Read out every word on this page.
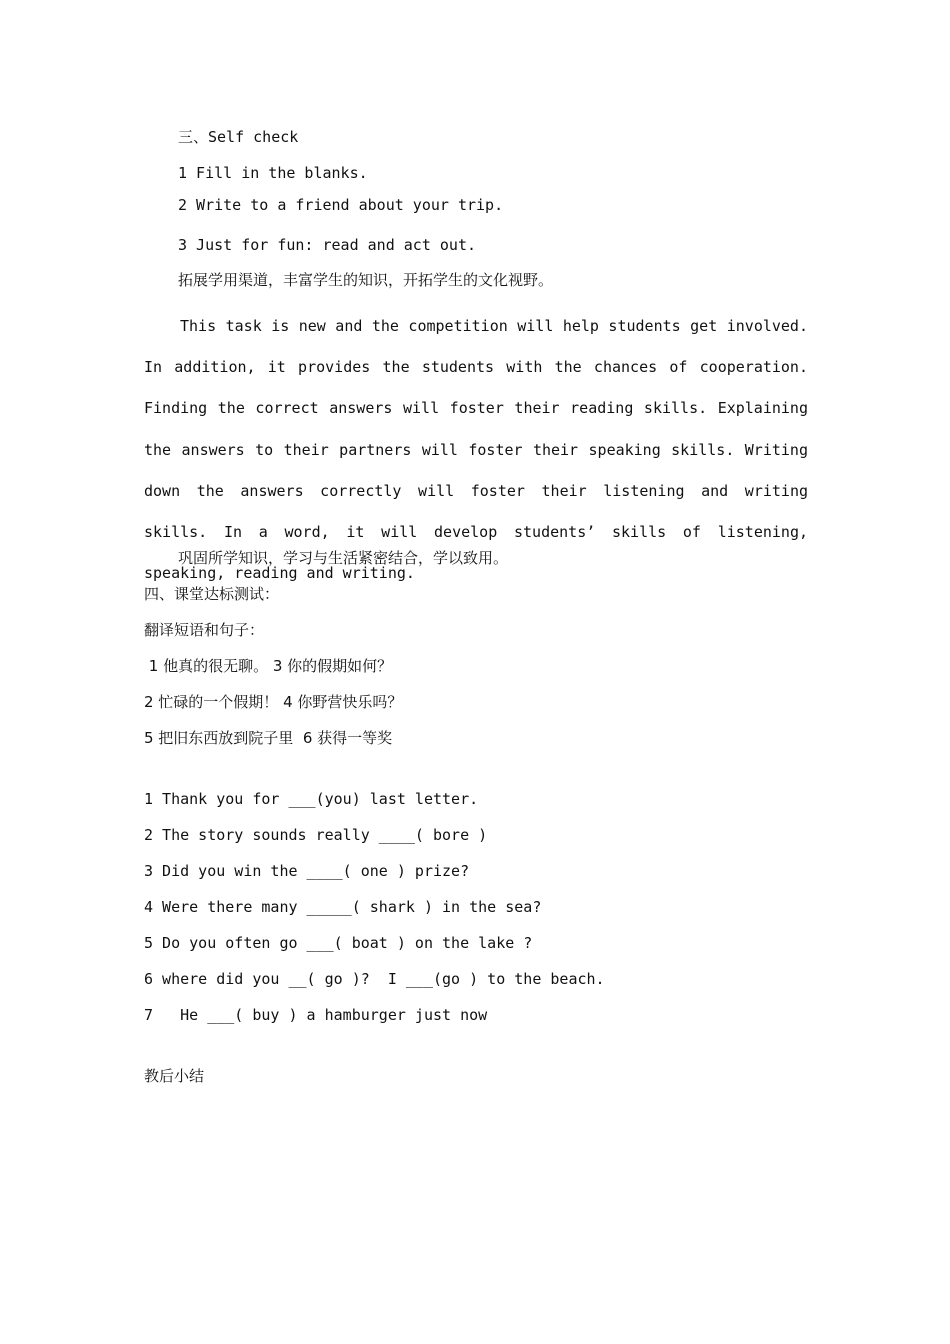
三、Self check
1 Fill in the blanks.
2 Write to a friend about your trip.
3 Just for fun: read and act out.
拓展学用渠道，丰富学生的知识，开拓学生的文化视野。
This task is new and the competition will help students get involved. In addition, it provides the students with the chances of cooperation. Finding the correct answers will foster their reading skills. Explaining the answers to their partners will foster their speaking skills. Writing down the answers correctly will foster their listening and writing skills. In a word, it will develop students’ skills of listening, speaking, reading and writing.
巩固所学知识，学习与生活紧密结合，学以致用。
四、课堂达标测试：
翻译短语和句子：
1 他真的很无聊。 3 你的假期如何？
2 忙碌的一个假期！ 4 你野营快乐吗？
5 把旧东西放到院子里  6 获得一等奖
1 Thank you for ___(you) last letter.
2 The story sounds really ____( bore )
3 Did you win the ____( one ) prize?
4 Were there many _____( shark ) in the sea?
5 Do you often go ___( boat ) on the lake ?
6 where did you __( go )?  I ___(go ) to the beach.
7   He ___( buy ) a hamburger just now
教后小结
